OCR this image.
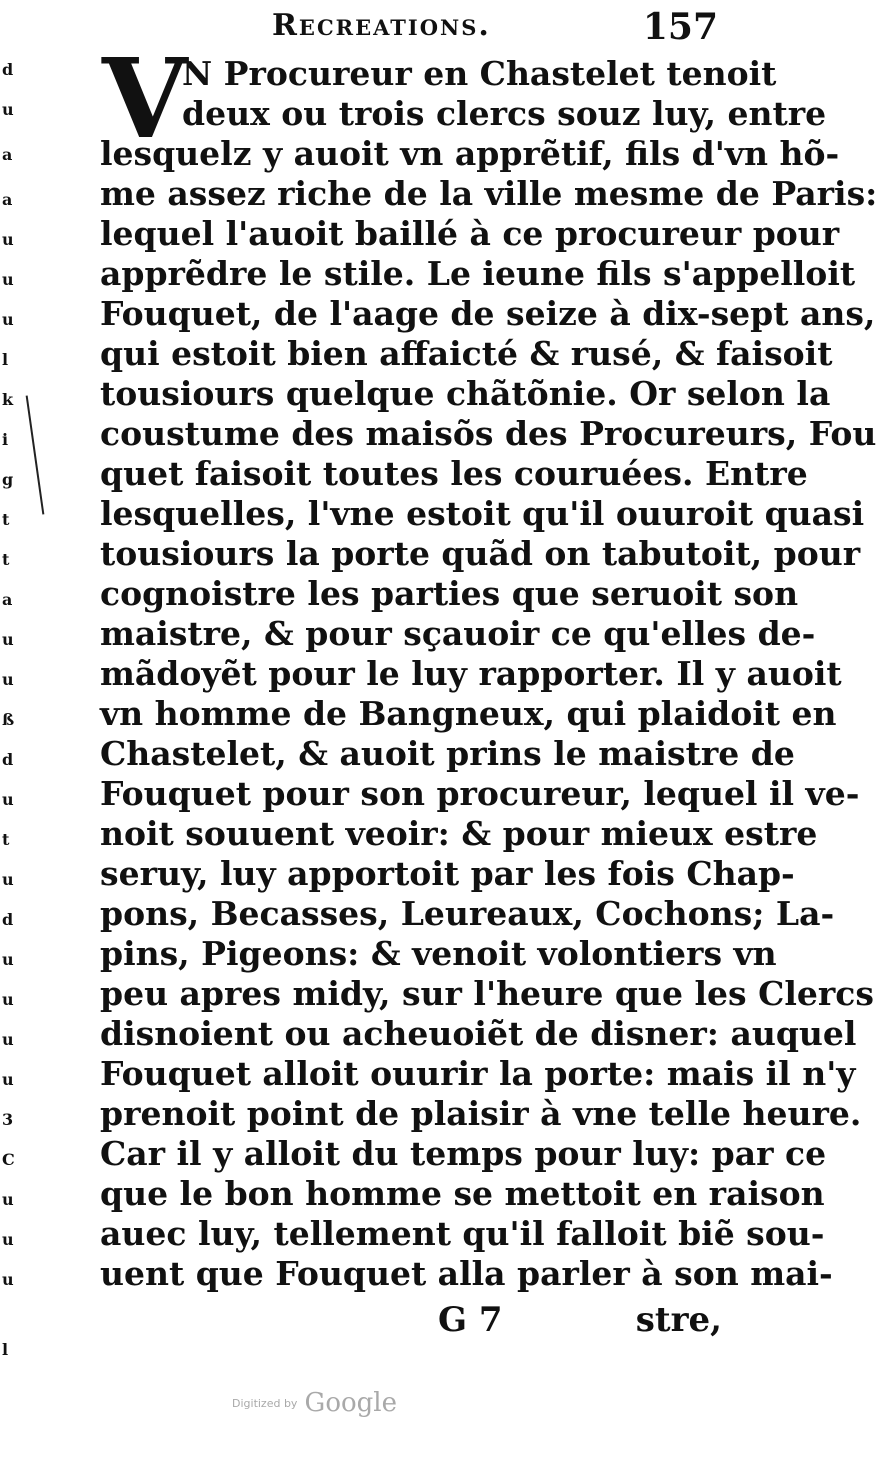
d
u
a
a
u
u
u
l
k
i
g
t
t
a
u
u
ß
d
u
t
u
d
u
u
u
u
3
C
u
u
u
l
Recreations.	157
V
N Procureur en Chastelet tenoit
deux ou trois clercs souz luy, entre
lesquelz y auoit vn apprẽtif, fils d'vn hõ-
me assez riche de la ville mesme de Paris:
lequel l'auoit baillé à ce procureur pour
apprẽdre le stile. Le ieune fils s'appelloit
Fouquet, de l'aage de seize à dix-sept ans,
qui estoit bien affaicté & rusé, & faisoit
tousiours quelque chãtõnie. Or selon la
coustume des maisõs des Procureurs, Fou
quet faisoit toutes les couruées. Entre
lesquelles, l'vne estoit qu'il ouuroit quasi
tousiours la porte quãd on tabutoit, pour
cognoistre les parties que seruoit son
maistre, & pour sçauoir ce qu'elles de-
mãdoyẽt pour le luy rapporter. Il y auoit
vn homme de Bangneux, qui plaidoit en
Chastelet, & auoit prins le maistre de
Fouquet pour son procureur, lequel il ve-
noit souuent veoir: & pour mieux estre
seruy, luy apportoit par les fois Chap-
pons, Becasses, Leureaux, Cochons; La-
pins, Pigeons: & venoit volontiers vn
peu apres midy, sur l'heure que les Clercs
disnoient ou acheuoiẽt de disner: auquel
Fouquet alloit ouurir la porte: mais il n'y
prenoit point de plaisir à vne telle heure.
Car il y alloit du temps pour luy: par ce
que le bon homme se mettoit en raison
auec luy, tellement qu'il falloit biẽ sou-
uent que Fouquet alla parler à son mai-
G 7	stre,
Digitized by Google
